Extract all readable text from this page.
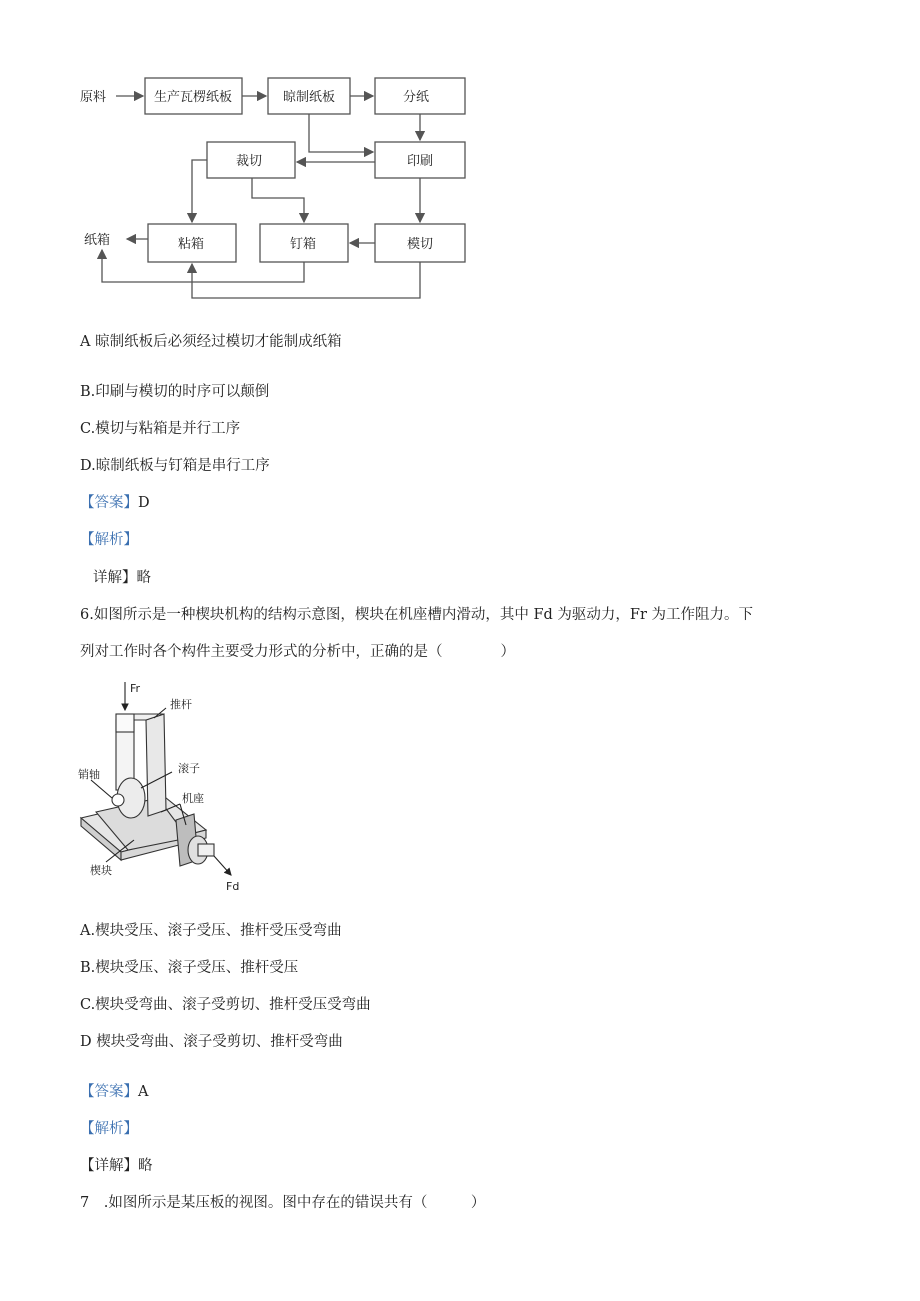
原料	生产瓦楞纸板	晾制纸板	分纸
裁切	印刷
纸箱	粘箱	钉箱	模切
A 晾制纸板后必须经过模切才能制成纸箱
B.印刷与模切的时序可以颠倒
C.模切与粘箱是并行工序
D.晾制纸板与钉箱是串行工序
【答案】D
【解析】
详解】略
6.如图所示是一种楔块机构的结构示意图，楔块在机座槽内滑动，其中 Fd 为驱动力，Fr 为工作阻力。下
列对工作时各个构件主要受力形式的分析中，正确的是（　　　　）
Fr
推杆
滚子
销轴
机座
楔块
Fd
A.楔块受压、滚子受压、推杆受压受弯曲
B.楔块受压、滚子受压、推杆受压
C.楔块受弯曲、滚子受剪切、推杆受压受弯曲
D 楔块受弯曲、滚子受剪切、推杆受弯曲
【答案】A
【解析】
【详解】略
7　.如图所示是某压板的视图。图中存在的错误共有（　　　）
